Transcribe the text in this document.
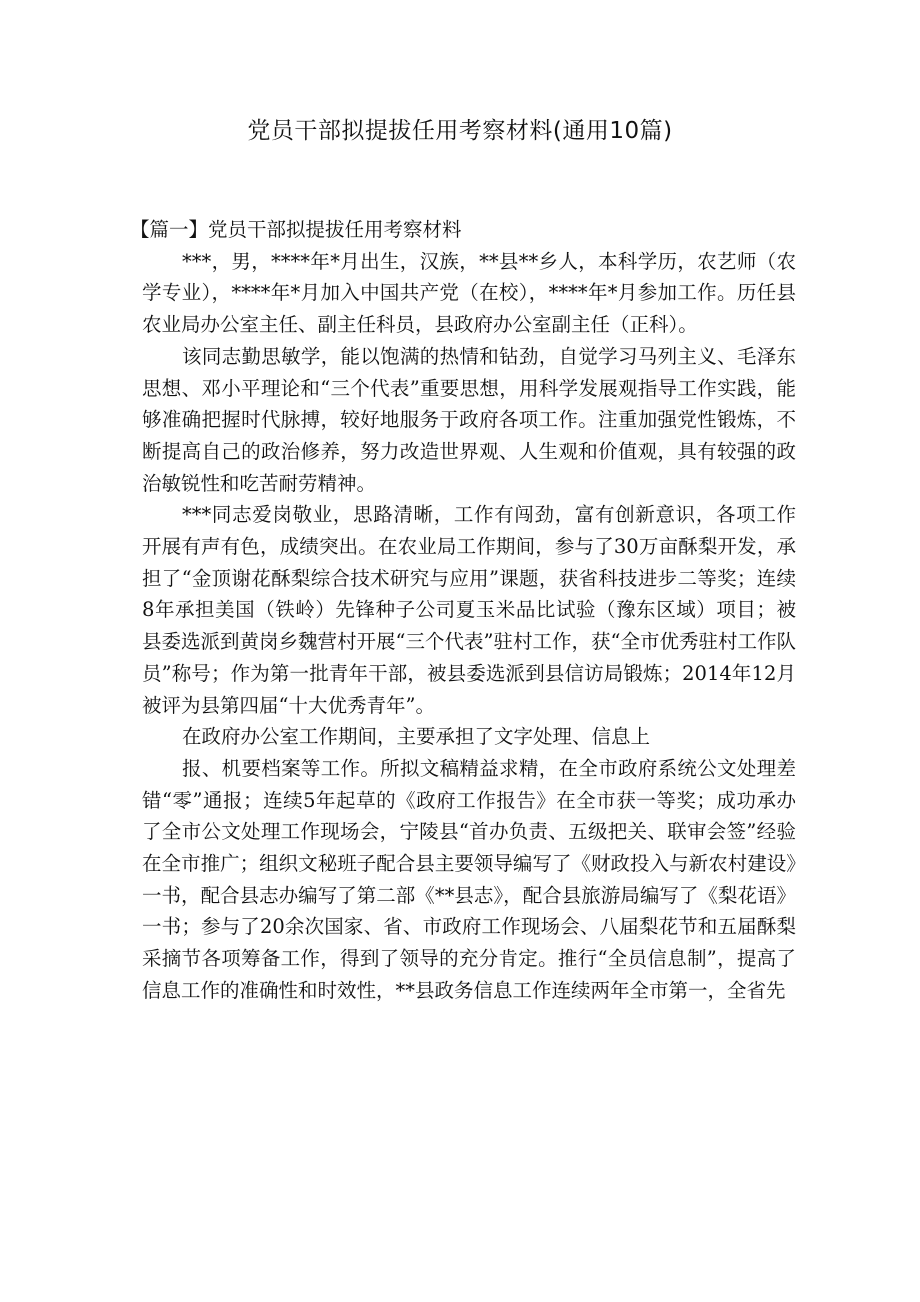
党员干部拟提拔任用考察材料(通用10篇)

【篇一】党员干部拟提拔任用考察材料

***，男，****年*月出生，汉族，**县**乡人，本科学历，农艺师（农学专业），****年*月加入中国共产党（在校），****年*月参加工作。历任县农业局办公室主任、副主任科员，县政府办公室副主任（正科）。

该同志勤思敏学，能以饱满的热情和钻劲，自觉学习马列主义、毛泽东思想、邓小平理论和“三个代表”重要思想，用科学发展观指导工作实践，能够准确把握时代脉搏，较好地服务于政府各项工作。注重加强党性锻炼，不断提高自己的政治修养，努力改造世界观、人生观和价值观，具有较强的政治敏锐性和吃苦耐劳精神。

***同志爱岗敬业，思路清晰，工作有闯劲，富有创新意识，各项工作开展有声有色，成绩突出。在农业局工作期间，参与了30万亩酥梨开发，承担了“金顶谢花酥梨综合技术研究与应用”课题，获省科技进步二等奖；连续8年承担美国（铁岭）先锋种子公司夏玉米品比试验（豫东区域）项目；被县委选派到黄岗乡魏营村开展“三个代表”驻村工作，获“全市优秀驻村工作队员”称号；作为第一批青年干部，被县委选派到县信访局锻炼；2014年12月被评为县第四届“十大优秀青年”。

在政府办公室工作期间，主要承担了文字处理、信息上

报、机要档案等工作。所拟文稿精益求精，在全市政府系统公文处理差错“零”通报；连续5年起草的《政府工作报告》在全市获一等奖；成功承办了全市公文处理工作现场会，宁陵县“首办负责、五级把关、联审会签”经验在全市推广；组织文秘班子配合县主要领导编写了《财政投入与新农村建设》一书，配合县志办编写了第二部《**县志》，配合县旅游局编写了《梨花语》一书；参与了20余次国家、省、市政府工作现场会、八届梨花节和五届酥梨采摘节各项筹备工作，得到了领导的充分肯定。推行“全员信息制”，提高了信息工作的准确性和时效性，**县政务信息工作连续两年全市第一，全省先
